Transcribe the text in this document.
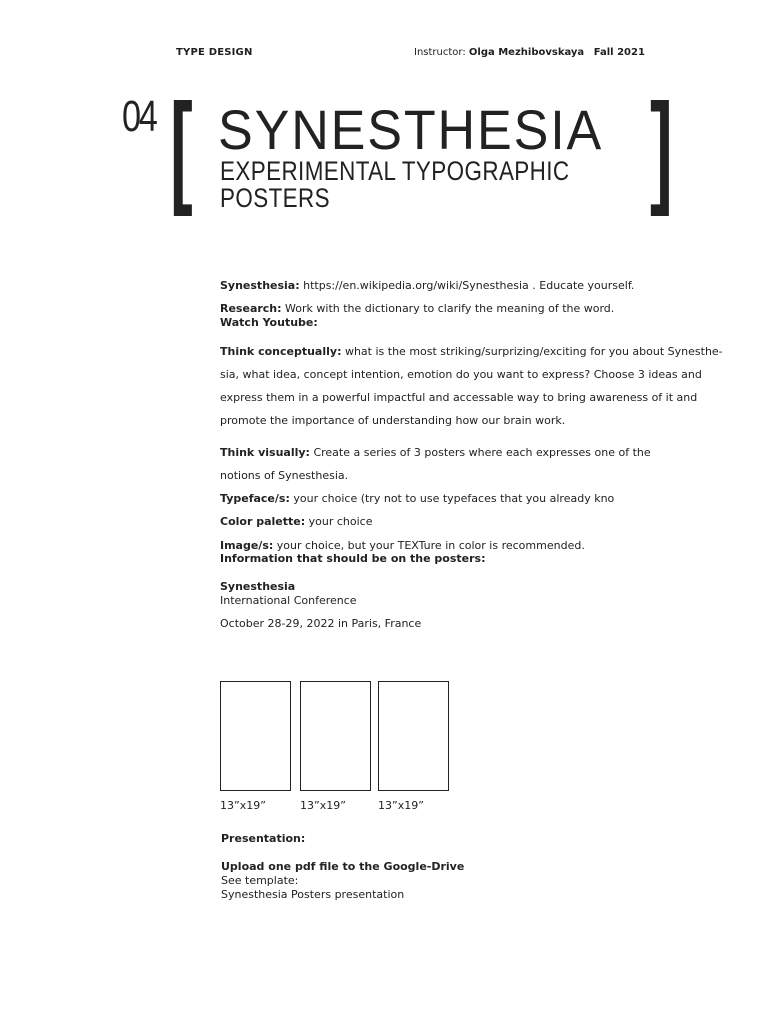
TYPE DESIGN	Instructor: Olga Mezhibovskaya Fall 2021
04 [ SYNESTHESIA
EXPERIMENTAL TYPOGRAPHIC POSTERS	]
Synesthesia: https://en.wikipedia.org/wiki/Synesthesia . Educate yourself.
Research: Work with the dictionary to clarify the meaning of the word.
Watch Youtube:
Think conceptually: what is the most striking/surprizing/exciting for you about Synesthe-
sia, what idea, concept intention, emotion do you want to express? Choose 3 ideas and
express them in a powerful impactful and accessable way to bring awareness of it and
promote the importance of understanding how our brain work.
Think visually: Create a series of 3 posters where each expresses one of the
notions of Synesthesia.
Typeface/s: your choice (try not to use typefaces that you already kno
Color palette: your choice
Image/s: your choice, but your TEXTure in color is recommended.
Information that should be on the posters:
Synesthesia
International Conference
October 28-29, 2022 in Paris, France
13”x19”	13”x19”	13”x19”
Presentation:
Upload one pdf file to the Google-Drive
See template:
Synesthesia Posters presentation
